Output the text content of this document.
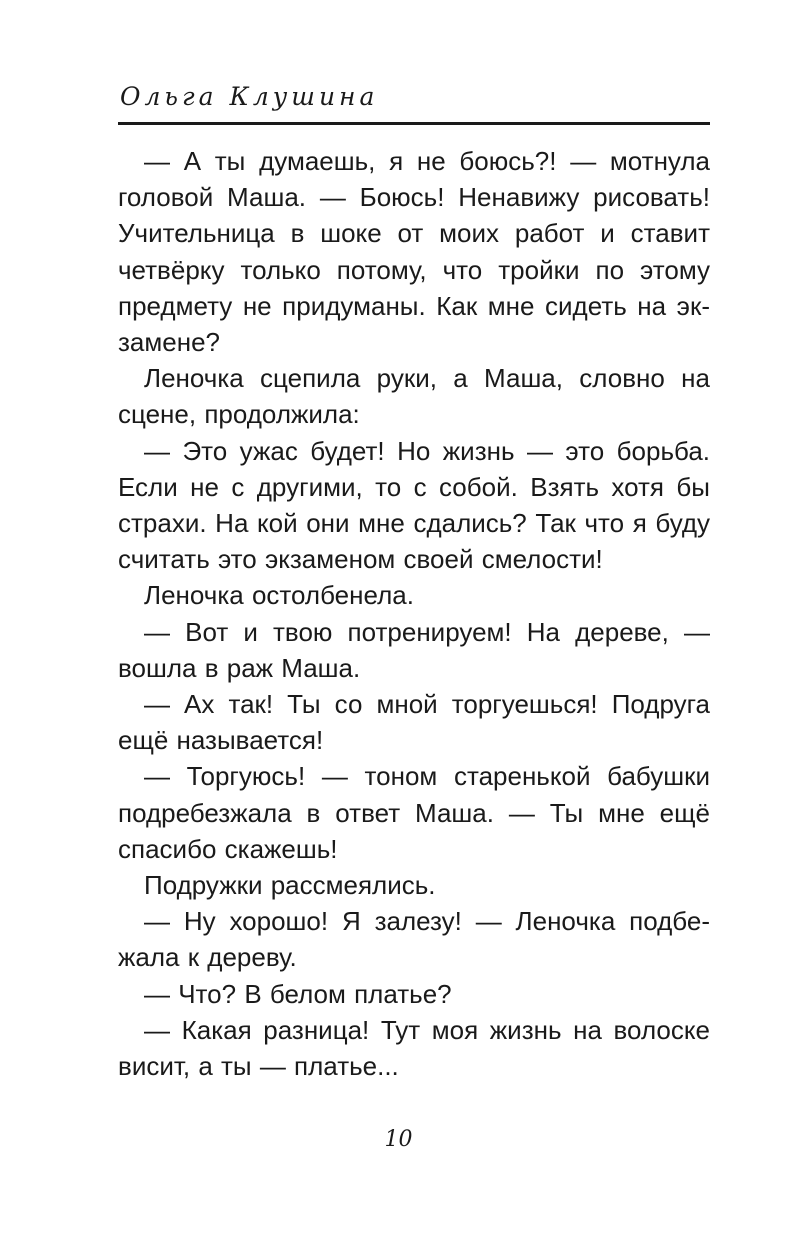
Ольга Клушина

— А ты думаешь, я не боюсь?! — мотнула головой Маша. — Боюсь! Ненавижу рисовать! Учительница в шоке от моих работ и ставит четвёрку только потому, что тройки по этому предмету не придуманы. Как мне сидеть на экзамене?

Леночка сцепила руки, а Маша, словно на сцене, продолжила:

— Это ужас будет! Но жизнь — это борьба. Если не с другими, то с собой. Взять хотя бы страхи. На кой они мне сдались? Так что я буду считать это экзаменом своей смелости!

Леночка остолбенела.

— Вот и твою потренируем! На дереве, — вошла в раж Маша.

— Ах так! Ты со мной торгуешься! Подруга ещё называется!

— Торгуюсь! — тоном старенькой бабушки подребезжала в ответ Маша. — Ты мне ещё спасибо скажешь!

Подружки рассмеялись.

— Ну хорошо! Я залезу! — Леночка подбежала к дереву.

— Что? В белом платье?

— Какая разница! Тут моя жизнь на волоске висит, а ты — платье...

10
